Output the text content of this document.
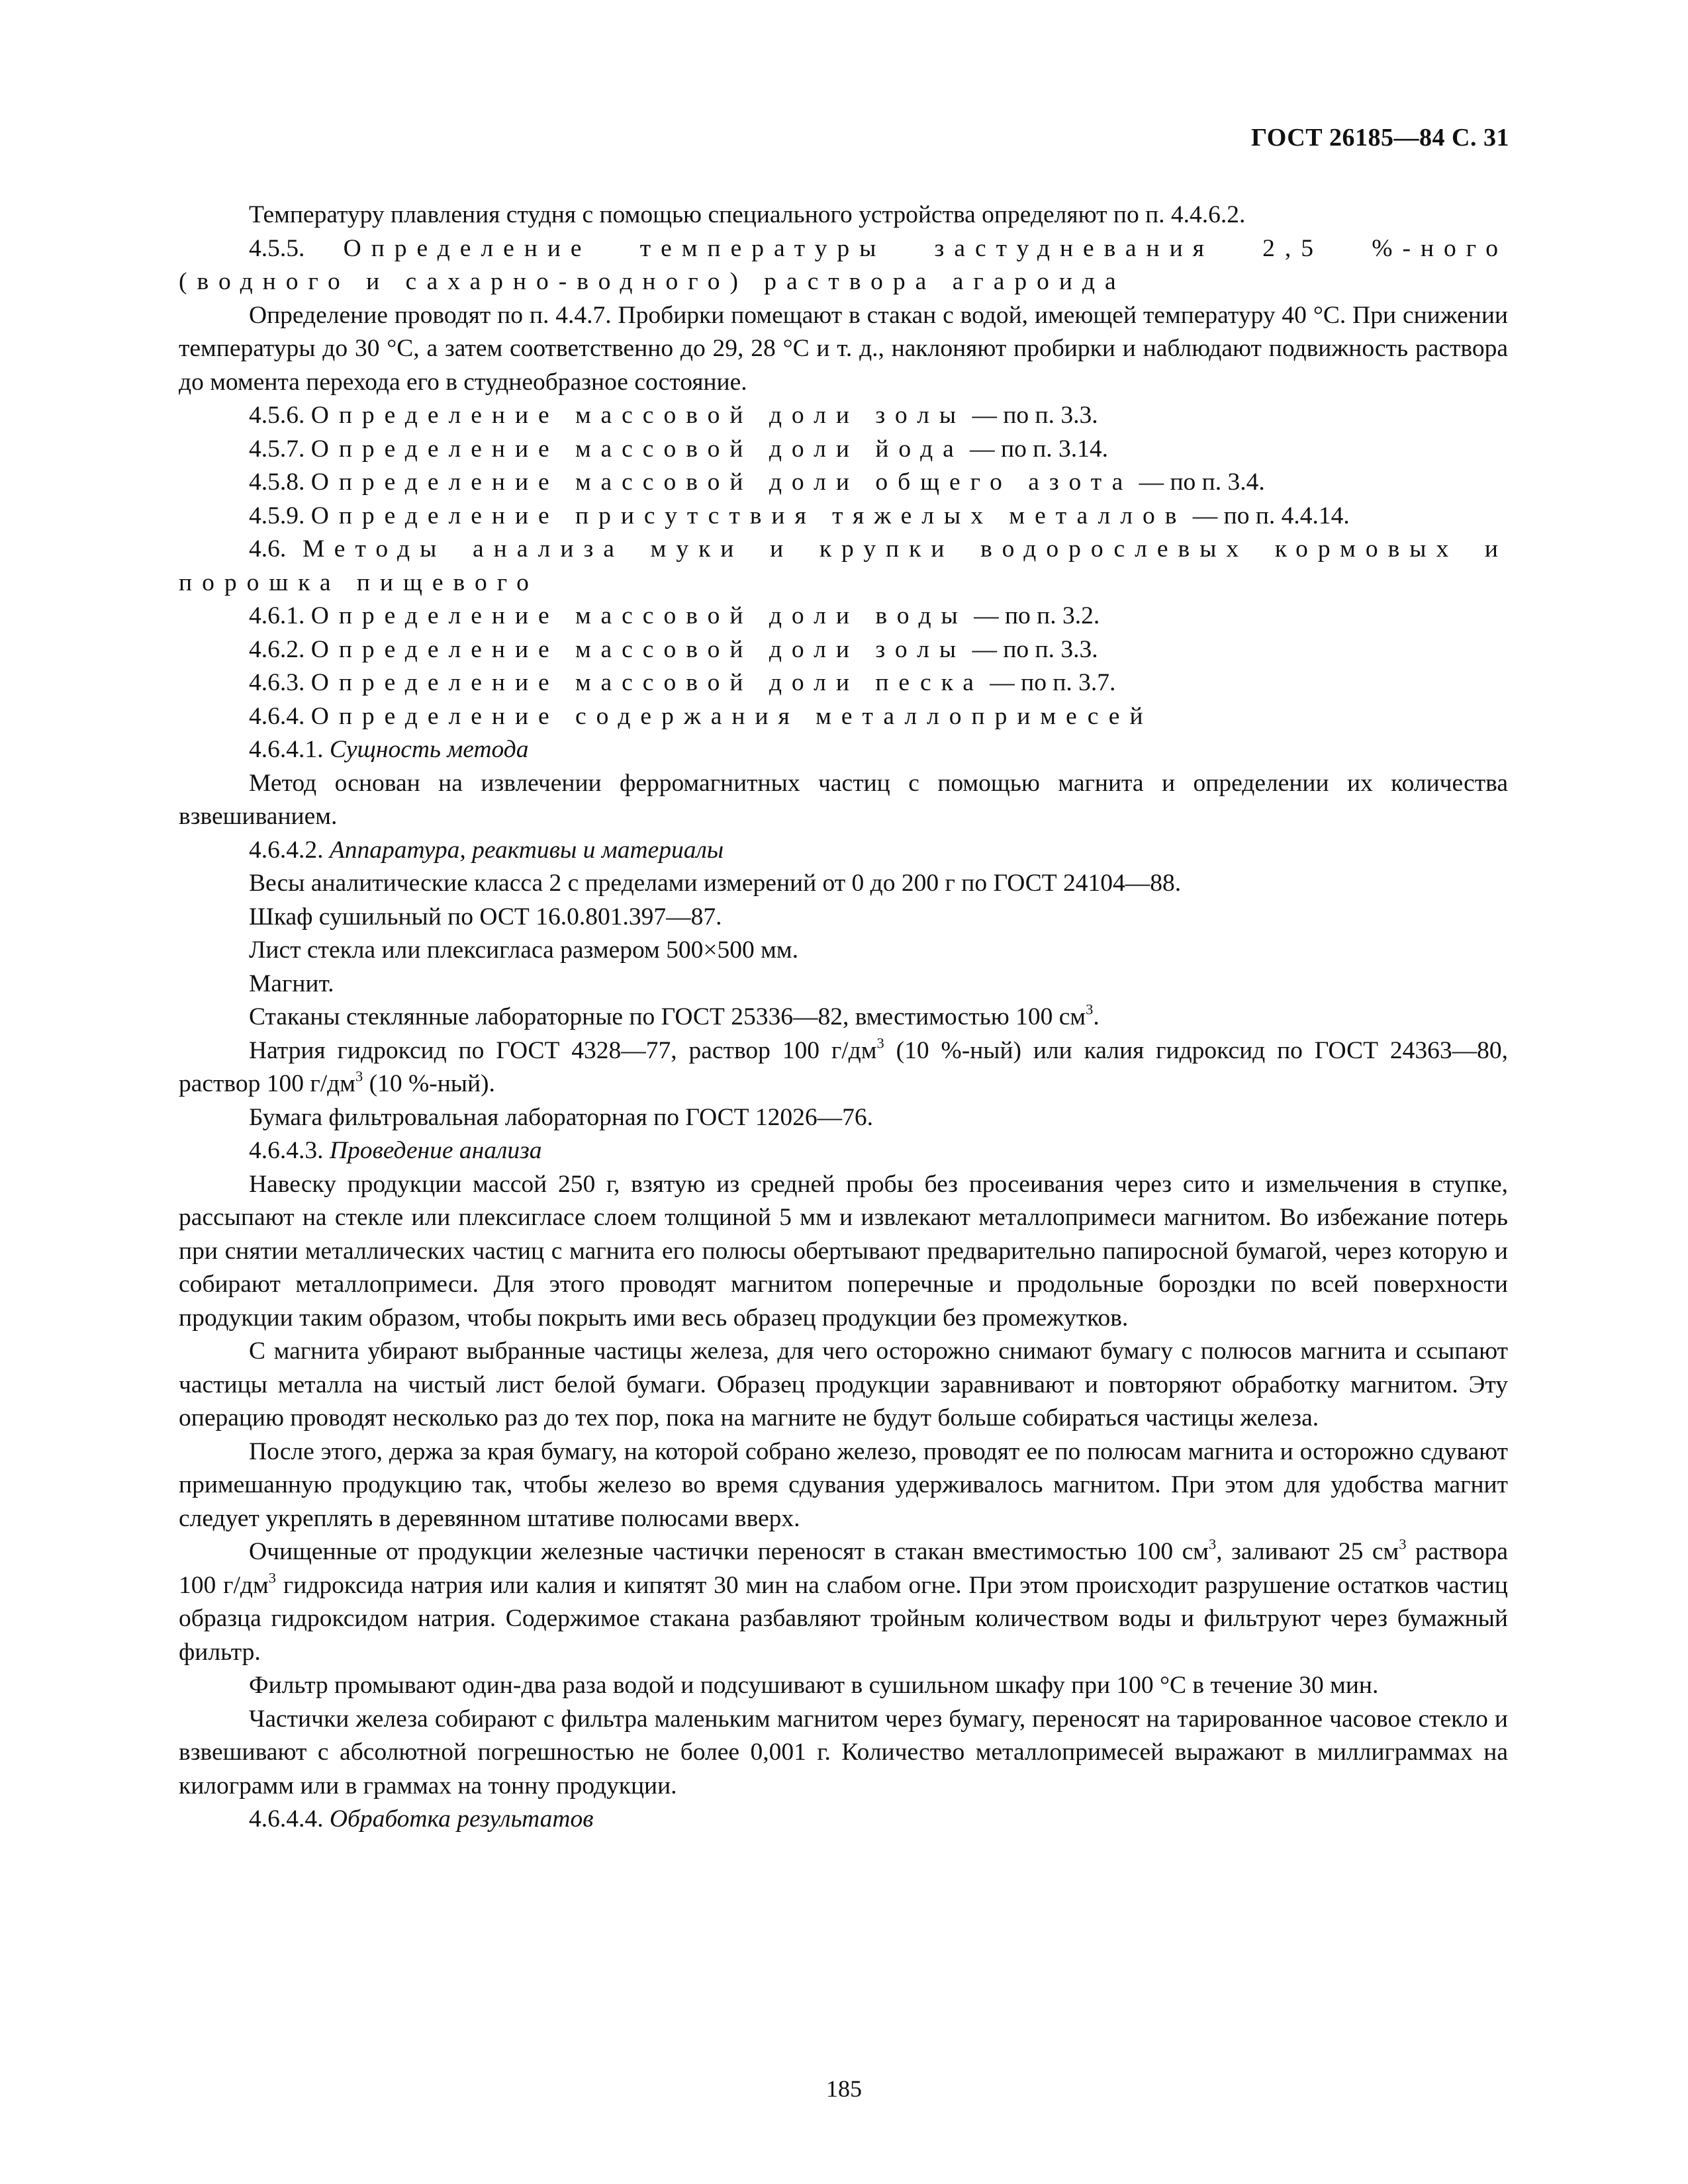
ГОСТ 26185—84 С. 31

Температуру плавления студня с помощью специального устройства определяют по п. 4.4.6.2.

4.5.5. Определение температуры застудневания 2,5 %-ного (водного и сахарно-водного) раствора агароида

Определение проводят по п. 4.4.7. Пробирки помещают в стакан с водой, имеющей температуру 40 °С. При снижении температуры до 30 °С, а затем соответственно до 29, 28 °С и т. д., наклоняют пробирки и наблюдают подвижность раствора до момента перехода его в студнеобразное состояние.

4.5.6. Определение массовой доли золы — по п. 3.3.

4.5.7. Определение массовой доли йода — по п. 3.14.

4.5.8. Определение массовой доли общего азота — по п. 3.4.

4.5.9. Определение присутствия тяжелых металлов — по п. 4.4.14.

4.6. Методы анализа муки и крупки водорослевых кормовых и порошка пищевого

4.6.1. Определение массовой доли воды — по п. 3.2.

4.6.2. Определение массовой доли золы — по п. 3.3.

4.6.3. Определение массовой доли песка — по п. 3.7.

4.6.4. Определение содержания металлопримесей

4.6.4.1. Сущность метода

Метод основан на извлечении ферромагнитных частиц с помощью магнита и определении их количества взвешиванием.

4.6.4.2. Аппаратура, реактивы и материалы

Весы аналитические класса 2 с пределами измерений от 0 до 200 г по ГОСТ 24104—88.

Шкаф сушильный по ОСТ 16.0.801.397—87.

Лист стекла или плексигласа размером 500×500 мм.

Магнит.

Стаканы стеклянные лабораторные по ГОСТ 25336—82, вместимостью 100 $см^3$.

Натрия гидроксид по ГОСТ 4328—77, раствор 100 $г/дм^3$ (10 %-ный) или калия гидроксид по ГОСТ 24363—80, раствор 100 $г/дм^3$ (10 %-ный).

Бумага фильтровальная лабораторная по ГОСТ 12026—76.

4.6.4.3. Проведение анализа

Навеску продукции массой 250 г, взятую из средней пробы без просеивания через сито и измельчения в ступке, рассыпают на стекле или плексигласе слоем толщиной 5 мм и извлекают металлопримеси магнитом. Во избежание потерь при снятии металлических частиц с магнита его полюсы обертывают предварительно папиросной бумагой, через которую и собирают металлопримеси. Для этого проводят магнитом поперечные и продольные бороздки по всей поверхности продукции таким образом, чтобы покрыть ими весь образец продукции без промежутков.

С магнита убирают выбранные частицы железа, для чего осторожно снимают бумагу с полюсов магнита и ссыпают частицы металла на чистый лист белой бумаги. Образец продукции заравнивают и повторяют обработку магнитом. Эту операцию проводят несколько раз до тех пор, пока на магните не будут больше собираться частицы железа.

После этого, держа за края бумагу, на которой собрано железо, проводят ее по полюсам магнита и осторожно сдувают примешанную продукцию так, чтобы железо во время сдувания удерживалось магнитом. При этом для удобства магнит следует укреплять в деревянном штативе полюсами вверх.

Очищенные от продукции железные частички переносят в стакан вместимостью 100 $см^3$, заливают 25 $см^3$ раствора 100 $г/дм^3$ гидроксида натрия или калия и кипятят 30 мин на слабом огне. При этом происходит разрушение остатков частиц образца гидроксидом натрия. Содержимое стакана разбавляют тройным количеством воды и фильтруют через бумажный фильтр.

Фильтр промывают один-два раза водой и подсушивают в сушильном шкафу при 100 °С в течение 30 мин.

Частички железа собирают с фильтра маленьким магнитом через бумагу, переносят на тарированное часовое стекло и взвешивают с абсолютной погрешностью не более 0,001 г. Количество металлопримесей выражают в миллиграммах на килограмм или в граммах на тонну продукции.

4.6.4.4. Обработка результатов

185
